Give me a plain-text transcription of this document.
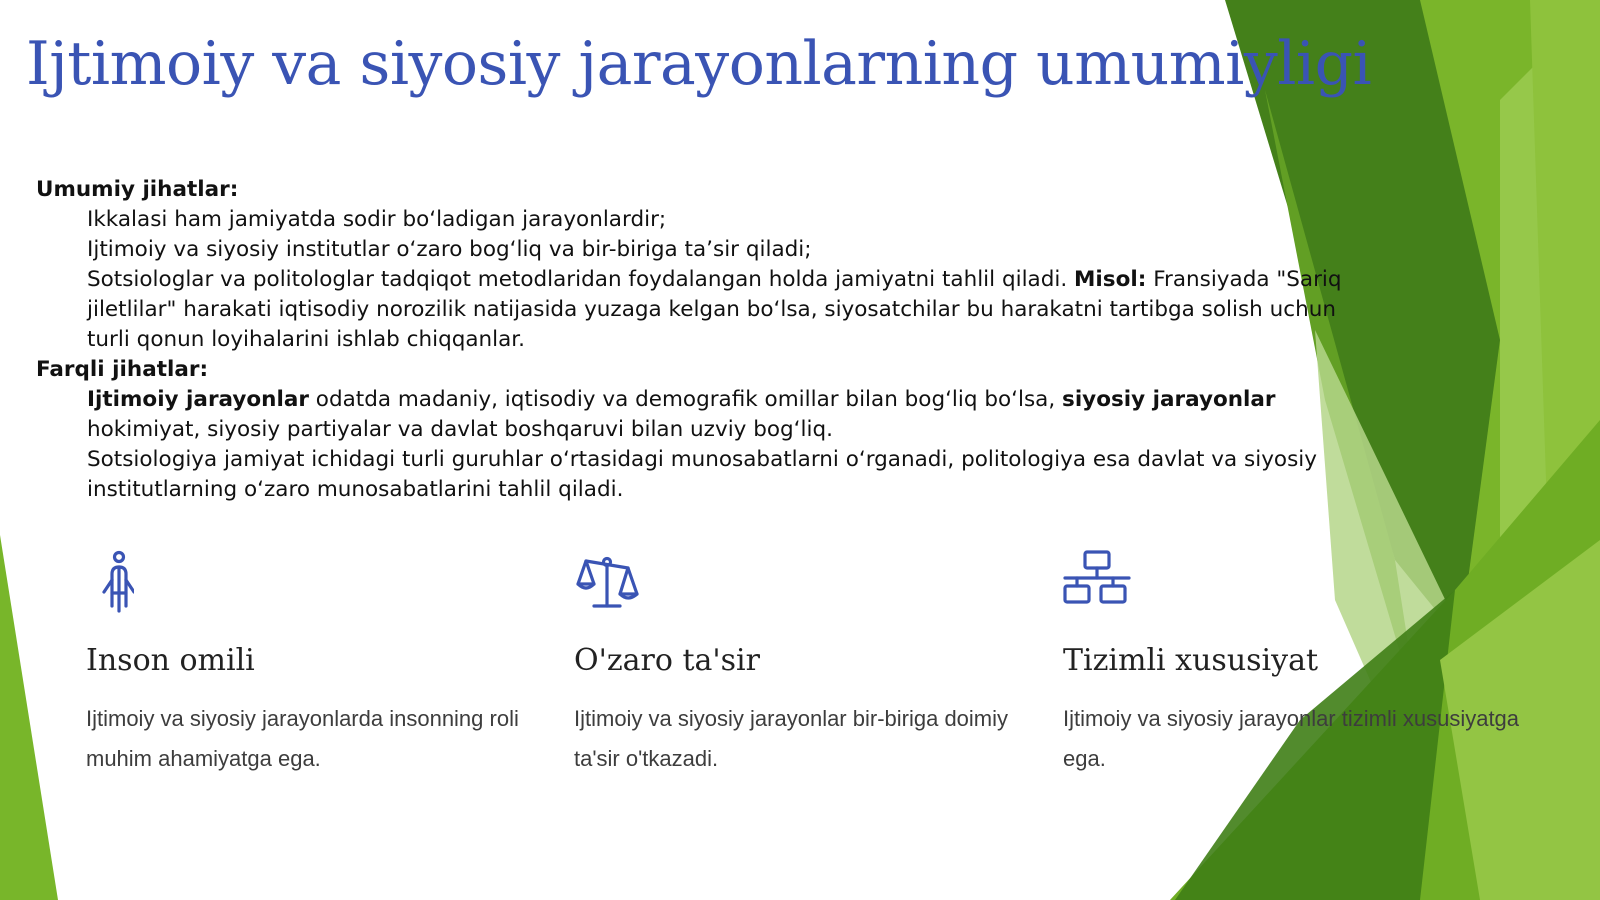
Ijtimoiy va siyosiy jarayonlarning umumiyligi
Umumiy jihatlar:
Ikkalasi ham jamiyatda sodir bo‘ladigan jarayonlardir;
Ijtimoiy va siyosiy institutlar o‘zaro bog‘liq va bir-biriga ta’sir qiladi;
Sotsiologlar va politologlar tadqiqot metodlaridan foydalangan holda jamiyatni tahlil qiladi. Misol: Fransiyada "Sariq jiletlilar" harakati iqtisodiy norozilik natijasida yuzaga kelgan bo‘lsa, siyosatchilar bu harakatni tartibga solish uchun turli qonun loyihalarini ishlab chiqqanlar.
Farqli jihatlar:
Ijtimoiy jarayonlar odatda madaniy, iqtisodiy va demografik omillar bilan bog‘liq bo‘lsa, siyosiy jarayonlar hokimiyat, siyosiy partiyalar va davlat boshqaruvi bilan uzviy bog‘liq.
Sotsiologiya jamiyat ichidagi turli guruhlar o‘rtasidagi munosabatlarni o‘rganadi, politologiya esa davlat va siyosiy institutlarning o‘zaro munosabatlarini tahlil qiladi.
Inson omili
Ijtimoiy va siyosiy jarayonlarda insonning roli muhim ahamiyatga ega.
O'zaro ta'sir
Ijtimoiy va siyosiy jarayonlar bir-biriga doimiy ta'sir o'tkazadi.
Tizimli xususiyat
Ijtimoiy va siyosiy jarayonlar tizimli xususiyatga ega.
